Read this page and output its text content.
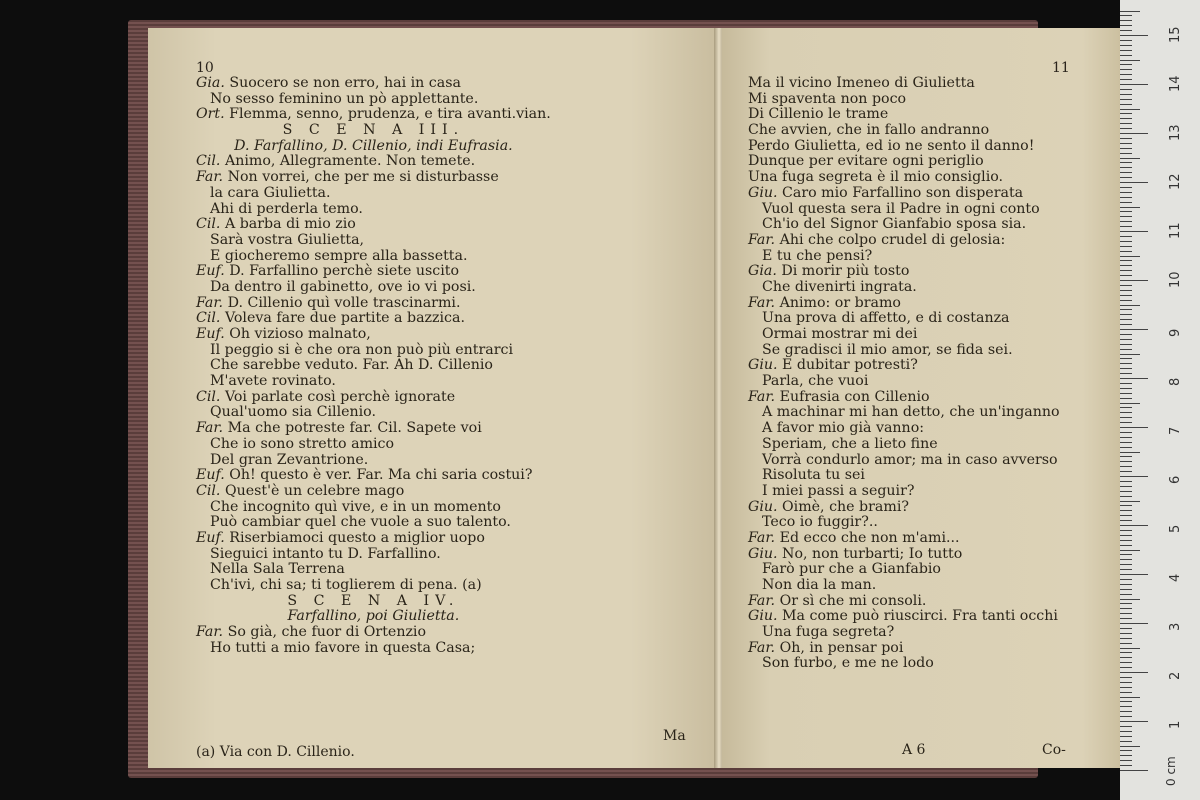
10
Gia. Suocero se non erro, hai in casa
No sesso feminino un pò applettante.
Ort. Flemma, senno, prudenza, e tira avanti.vian.
S C E N A III.
D. Farfallino, D. Cillenio, indi Eufrasia.
Cil. Animo, Allegramente. Non temete.
Far. Non vorrei, che per me si disturbasse
la cara Giulietta.
Ahi di perderla temo.
Cil. A barba di mio zio
Sarà vostra Giulietta,
E giocheremo sempre alla bassetta.
Euf. D. Farfallino perchè siete uscito
Da dentro il gabinetto, ove io vi posi.
Far. D. Cillenio quì volle trascinarmi.
Cil. Voleva fare due partite a bazzica.
Euf. Oh vizioso malnato,
Il peggio si è che ora non può più entrarci
Che sarebbe veduto. Far. Ah D. Cillenio
M'avete rovinato.
Cil. Voi parlate così perchè ignorate
Qual'uomo sia Cillenio.
Far. Ma che potreste far. Cil. Sapete voi
Che io sono stretto amico
Del gran Zevantrione.
Euf. Oh! questo è ver. Far. Ma chi saria costui?
Cil. Quest'è un celebre mago
Che incognito quì vive, e in un momento
Può cambiar quel che vuole a suo talento.
Euf. Riserbiamoci questo a miglior uopo
Sieguici intanto tu D. Farfallino.
Nella Sala Terrena
Ch'ivi, chi sa; ti toglierem di pena. (a)
S C E N A IV.
Farfallino, poi Giulietta.
Far. So già, che fuor di Ortenzio
Ho tutti a mio favore in questa Casa;
Ma
(a) Via con D. Cillenio.
11
Ma il vicino Imeneo di Giulietta
Mi spaventa non poco
Di Cillenio le trame
Che avvien, che in fallo andranno
Perdo Giulietta, ed io ne sento il danno!
Dunque per evitare ogni periglio
Una fuga segreta è il mio consiglio.
Giu. Caro mio Farfallino son disperata
Vuol questa sera il Padre in ogni conto
Ch'io del Signor Gianfabio sposa sia.
Far. Ahi che colpo crudel di gelosia:
E tu che pensi?
Gia. Di morir più tosto
Che divenirti ingrata.
Far. Animo: or bramo
Una prova di affetto, e di costanza
Ormai mostrar mi dei
Se gradisci il mio amor, se fida sei.
Giu. E dubitar potresti?
Parla, che vuoi
Far. Eufrasia con Cillenio
A machinar mi han detto, che un'inganno
A favor mio già vanno:
Speriam, che a lieto fine
Vorrà condurlo amor; ma in caso avverso
Risoluta tu sei
I miei passi a seguir?
Giu. Oimè, che brami?
Teco io fuggir?..
Far. Ed ecco che non m'ami...
Giu. No, non turbarti; Io tutto
Farò pur che a Gianfabio
Non dia la man.
Far. Or sì che mi consoli.
Giu. Ma come può riuscirci. Fra tanti occhi
Una fuga segreta?
Far. Oh, in pensar poi
Son furbo, e me ne lodo
A 6	Co-
0 cm
1
2
3
4
5
6
7
8
9
10
11
12
13
14
15
